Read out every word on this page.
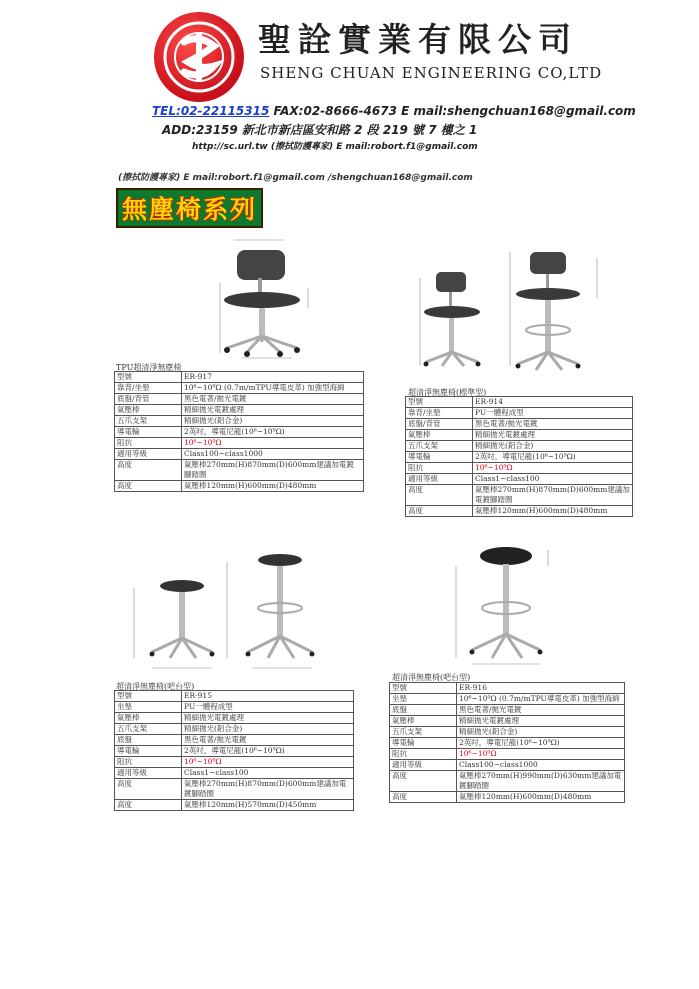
聖詮實業有限公司
SHENG CHUAN ENGINEERING CO,LTD
TEL:02-22115315 FAX:02-8666-4673 E mail:shengchuan168@gmail.com
ADD:23159 新北市新店區安和路 2 段 219 號 7 樓之 1
http://sc.url.tw (擦拭防護專家) E mail:robort.f1@gmail.com
(擦拭防護專家) E mail:robort.f1@gmail.com /shengchuan168@gmail.com
無塵椅系列
TPU超清淨無塵椅
型號	ER-917
靠背/坐墊	10⁶~10⁹Ω (0.7m/mTPU導電皮革) 加強型海綿
底盤/背管	黑色電著/拋光電鍍
氣壓棒	精細拋光電鍍處理
五爪支架	精細拋光(鋁合金)
導電輪	2英吋，導電尼龍(10⁶~10⁹Ω)
阻抗	10⁶~10⁹Ω
適用等級	Class100~class1000
高度	氣壓棒270mm(H)870mm(D)600mm建議加電鍍腳踏圈
高度	氣壓棒120mm(H)600mm(D)480mm
超清淨無塵椅(標準型)
型號	ER-914
靠背/坐墊	PU一體程成型
底盤/背管	黑色電著/拋光電鍍
氣壓棒	精細拋光電鍍處理
五爪支架	精細拋光(鋁合金)
導電輪	2英吋，導電尼龍(10⁶~10⁹Ω)
阻抗	10⁶~10⁹Ω
適用等級	Class1~class100
高度	氣壓棒270mm(H)870mm(D)600mm建議加電鍍腳踏圈
高度	氣壓棒120mm(H)600mm(D)480mm
超清淨無塵椅(吧台型)
型號	ER-915
坐墊	PU一體程成型
氣壓棒	精細拋光電鍍處理
五爪支架	精細拋光(鋁合金)
底盤	黑色電著/拋光電鍍
導電輪	2英吋，導電尼龍(10⁶~10⁹Ω)
阻抗	10⁶~10⁹Ω
適用等級	Class1~class100
高度	氣壓棒270mm(H)870mm(D)600mm建議加電鍍腳踏圈
高度	氣壓棒120mm(H)570mm(D)450mm
超清淨無塵椅(吧台型)
型號	ER-916
坐墊	10⁶~10⁹Ω (0.7m/mTPU導電皮革) 加強型海綿
底盤	黑色電著/拋光電鍍
氣壓棒	精細拋光電鍍處理
五爪支架	精細拋光(鋁合金)
導電輪	2英吋，導電尼龍(10⁶~10⁹Ω)
阻抗	10⁶~10⁹Ω
適用等級	Class100~class1000
高度	氣壓棒270mm(H)990mm(D)630mm建議加電鍍腳踏圈
高度	氣壓棒120mm(H)600mm(D)480mm
